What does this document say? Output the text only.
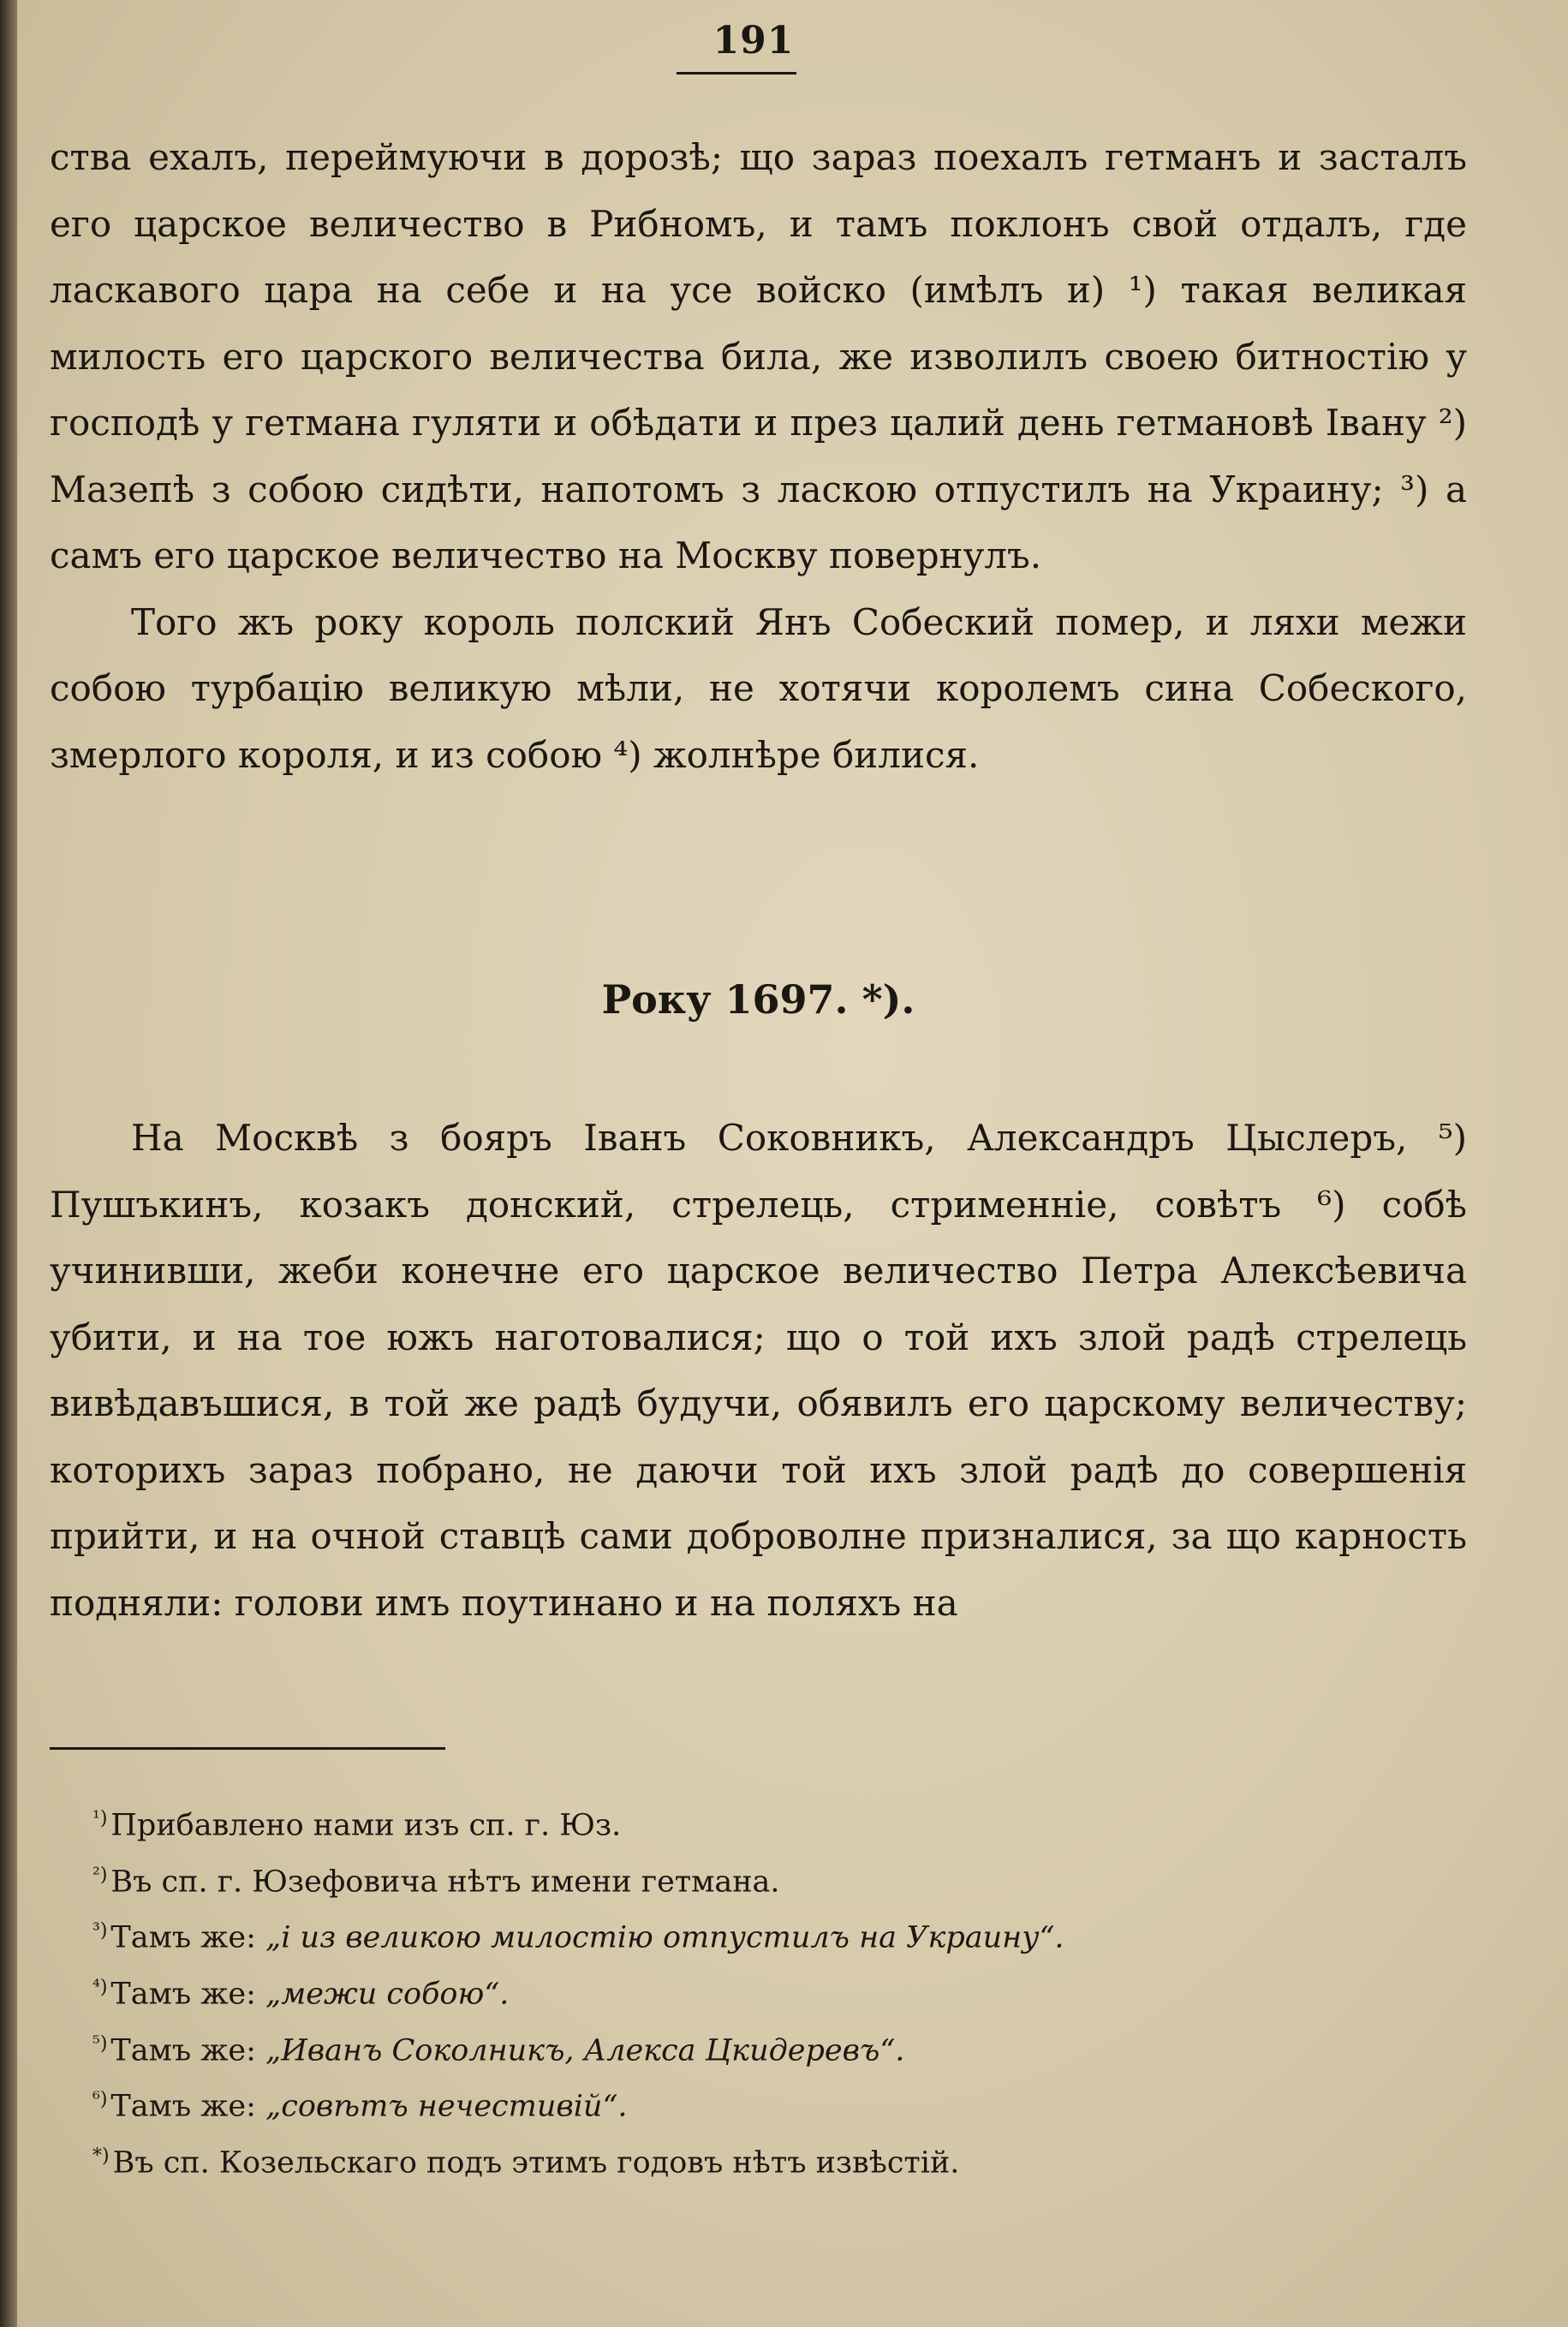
191

ства ехалъ, переймуючи в дорозѣ; що зараз поехалъ гетманъ и засталъ его царское величество в Рибномъ, и тамъ поклонъ свой отдалъ, где ласкавого цара на себе и на усе войско (имѣлъ и) ¹) такая великая милость его царского величества била, же изволилъ своею битностію у господѣ у гетмана гуляти и обѣдати и през цалий день гетмановѣ Івану ²) Мазепѣ з собою сидѣти, напотомъ з ласкою отпустилъ на Украину; ³) а самъ его царское величество на Москву повернулъ.

Того жъ року король полский Янъ Собеский помер, и ляхи межи собою турбацію великую мѣли, не хотячи королемъ сина Собеского, змерлого короля, и из собою ⁴) жолнѣре билися.

Року 1697. *).

На Москвѣ з бояръ Іванъ Соковникъ, Александръ Цыслеръ, ⁵) Пушъкинъ, козакъ донский, стрелець, стрименніе, совѣтъ ⁶) собѣ учинивши, жеби конечне его царское величество Петра Алексѣевича убити, и на тое южъ наготовалися; що о той ихъ злой радѣ стрелець вивѣдавъшися, в той же радѣ будучи, обявилъ его царскому величеству; которихъ зараз побрано, не даючи той ихъ злой радѣ до совершенія прийти, и на очной ставцѣ сами доброволне призналися, за що карность подняли: голови имъ поутинано и на поляхъ на

$^{^1)}$ Прибавлено нами изъ сп. г. Юз.
$^{^2)}$ Въ сп. г. Юзефовича нѣтъ имени гетмана.
$^{^3)}$ Тамъ же: „і из великою милостію отпустилъ на Украину“.
$^{^4)}$ Тамъ же: „межи собою“.
$^{^5)}$ Тамъ же: „Иванъ Соколникъ, Алекса Цкидеревъ“.
$^{^6)}$ Тамъ же: „совѣтъ нечестивій“.
*) Въ сп. Козельскаго подъ этимъ годовъ нѣтъ извѣстій.
